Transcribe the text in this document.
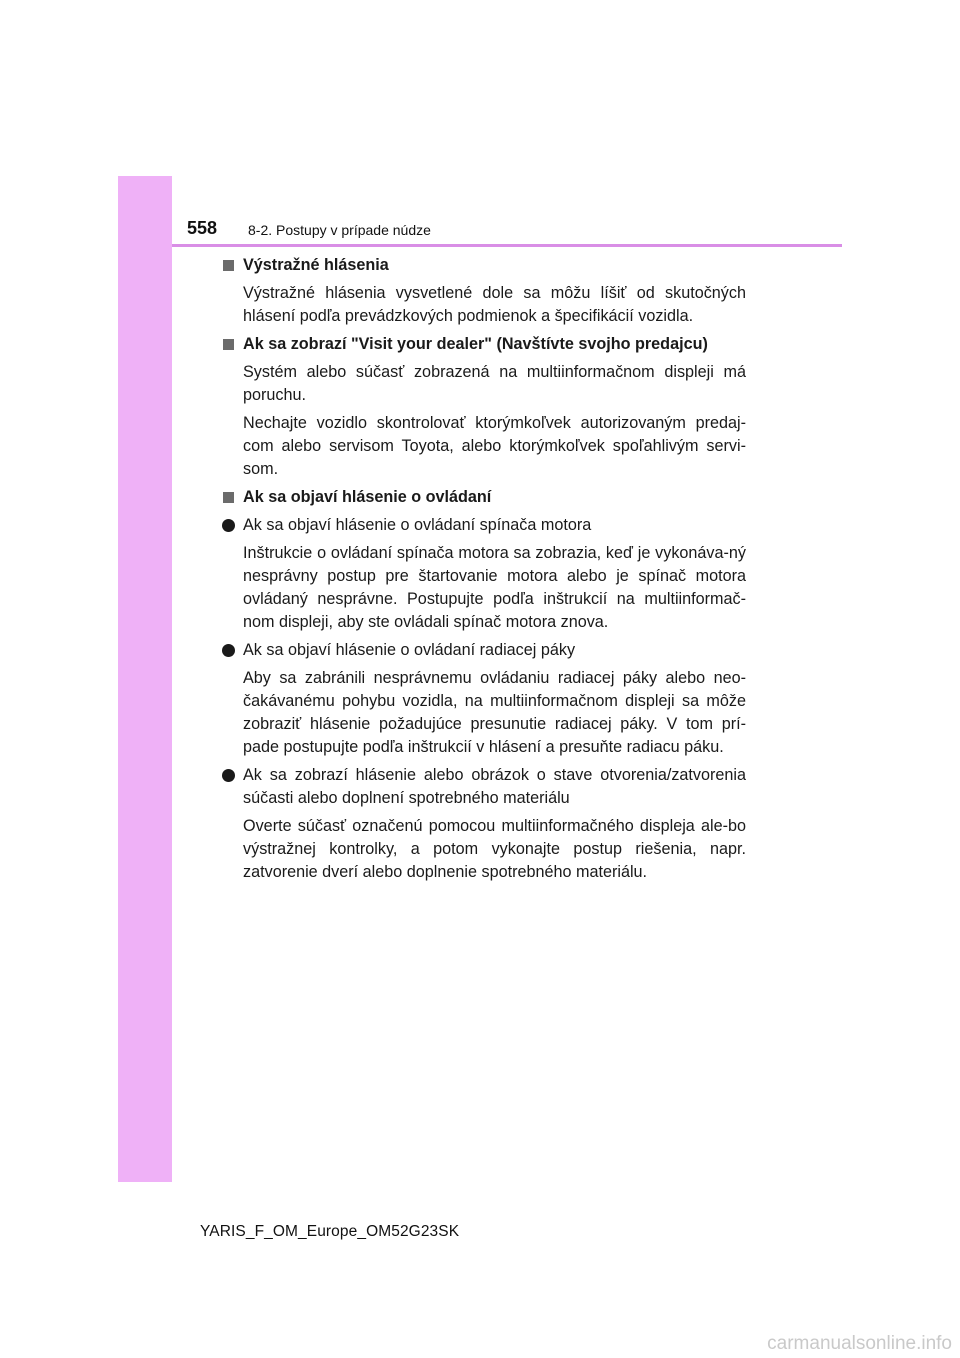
558 8-2. Postupy v prípade núdze
Výstražné hlásenia

Výstražné hlásenia vysvetlené dole sa môžu líšiť od skutočných hlásení podľa prevádzkových podmienok a špecifikácií vozidla.

Ak sa zobrazí "Visit your dealer" (Navštívte svojho predajcu)

Systém alebo súčasť zobrazená na multiinformačnom displeji má poruchu.

Nechajte vozidlo skontrolovať ktorýmkoľvek autorizovaným predaj-com alebo servisom Toyota, alebo ktorýmkoľvek spoľahlivým servi-som.

Ak sa objaví hlásenie o ovládaní
Ak sa objaví hlásenie o ovládaní spínača motora

Inštrukcie o ovládaní spínača motora sa zobrazia, keď je vykonáva-ný nesprávny postup pre štartovanie motora alebo je spínač motora ovládaný nesprávne. Postupujte podľa inštrukcií na multiinformač-nom displeji, aby ste ovládali spínač motora znova.

Ak sa objaví hlásenie o ovládaní radiacej páky

Aby sa zabránili nesprávnemu ovládaniu radiacej páky alebo neo-čakávanému pohybu vozidla, na multiinformačnom displeji sa môže zobraziť hlásenie požadujúce presunutie radiacej páky. V tom prí-pade postupujte podľa inštrukcií v hlásení a presuňte radiacu páku.

Ak sa zobrazí hlásenie alebo obrázok o stave otvorenia/zatvorenia súčasti alebo doplnení spotrebného materiálu

Overte súčasť označenú pomocou multiinformačného displeja ale-bo výstražnej kontrolky, a potom vykonajte postup riešenia, napr. zatvorenie dverí alebo doplnenie spotrebného materiálu.

YARIS_F_OM_Europe_OM52G23SK
carmanualsonline.info
